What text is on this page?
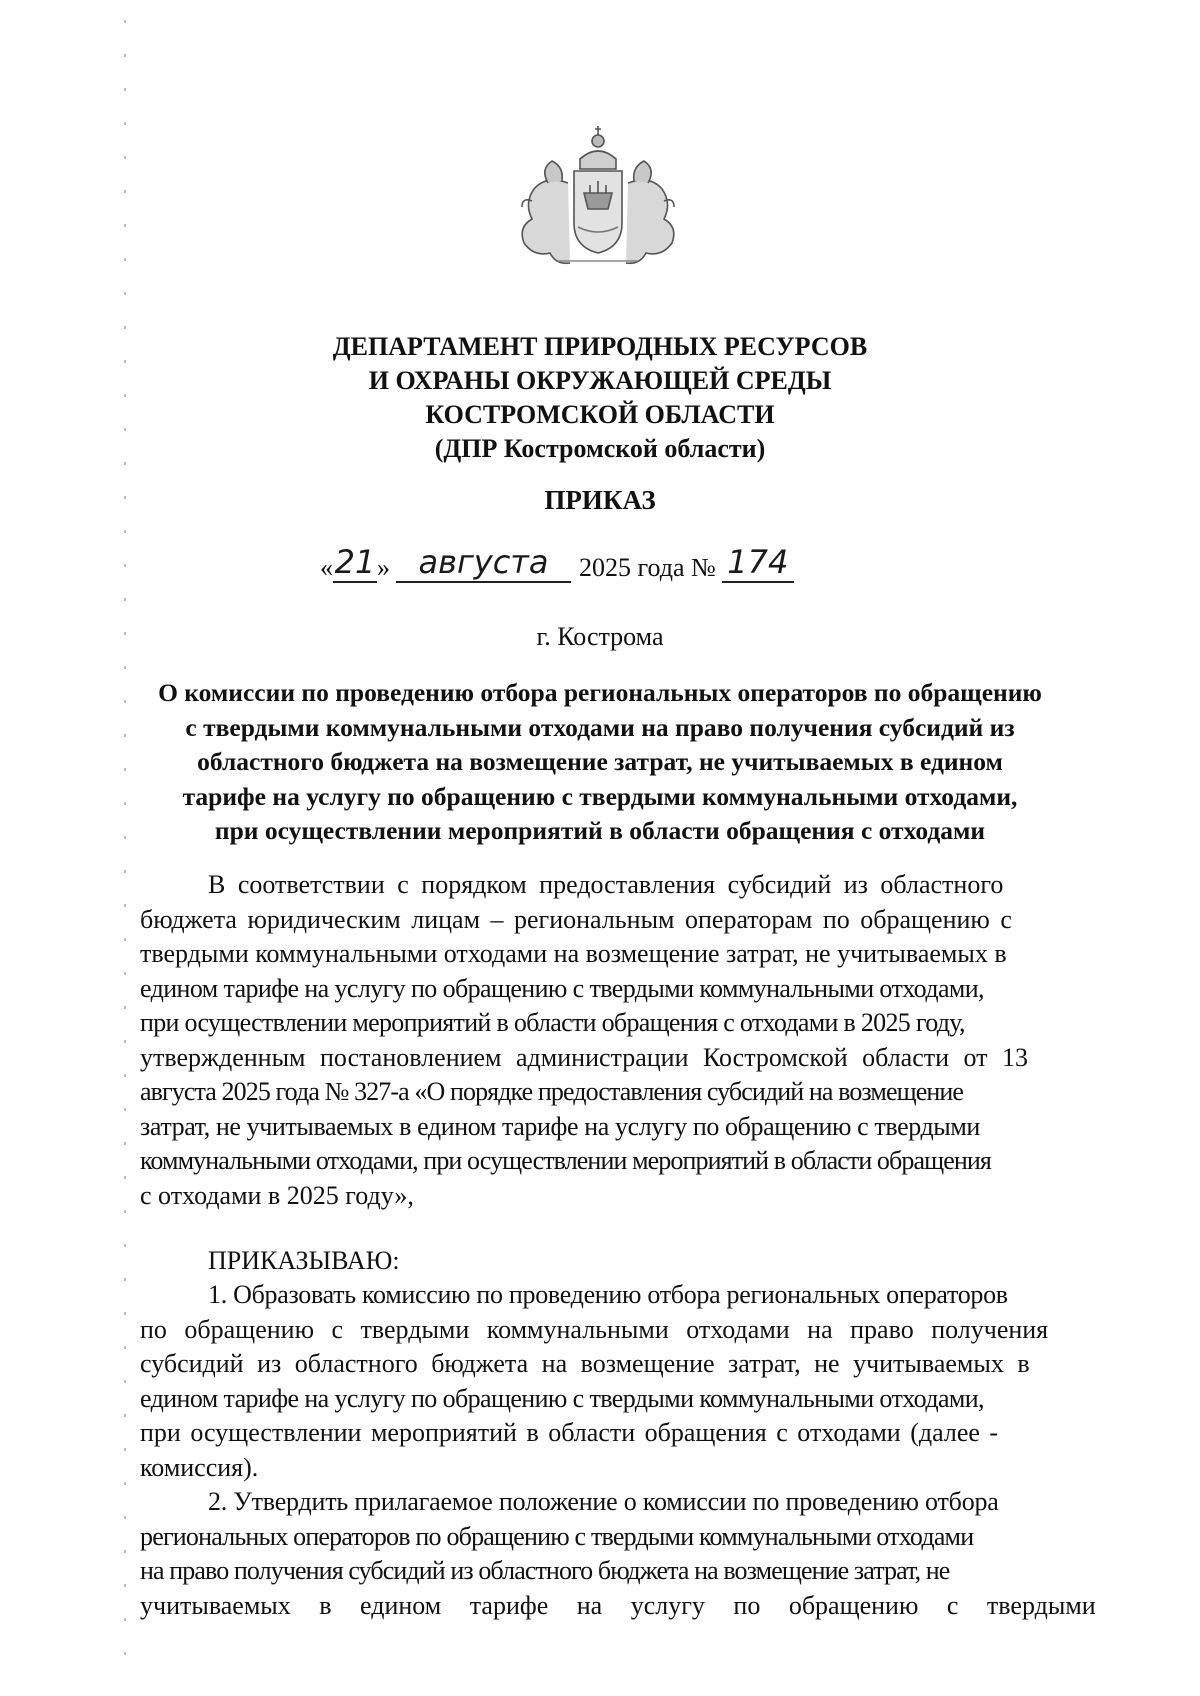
ДЕПАРТАМЕНТ ПРИРОДНЫХ РЕСУРСОВ
И ОХРАНЫ ОКРУЖАЮЩЕЙ СРЕДЫ
КОСТРОМСКОЙ ОБЛАСТИ
(ДПР Костромской области)
ПРИКАЗ
«21» августа 2025 года № 174
г. Кострома
О комиссии по проведению отбора региональных операторов по обращению
с твердыми коммунальными отходами на право получения субсидий из
областного бюджета на возмещение затрат, не учитываемых в едином
тарифе на услугу по обращению с твердыми коммунальными отходами,
при осуществлении мероприятий в области обращения с отходами
В соответствии с порядком предоставления субсидий из областного
бюджета юридическим лицам – региональным операторам по обращению с
твердыми коммунальными отходами на возмещение затрат, не учитываемых в
едином тарифе на услугу по обращению с твердыми коммунальными отходами,
при осуществлении мероприятий в области обращения с отходами в 2025 году,
утвержденным постановлением администрации Костромской области от 13
августа 2025 года № 327-а «О порядке предоставления субсидий на возмещение
затрат, не учитываемых в едином тарифе на услугу по обращению с твердыми
коммунальными отходами, при осуществлении мероприятий в области обращения
с отходами в 2025 году»,
ПРИКАЗЫВАЮ:
1. Образовать комиссию по проведению отбора региональных операторов
по обращению с твердыми коммунальными отходами на право получения
субсидий из областного бюджета на возмещение затрат, не учитываемых в
едином тарифе на услугу по обращению с твердыми коммунальными отходами,
при осуществлении мероприятий в области обращения с отходами (далее -
комиссия).
2. Утвердить прилагаемое положение о комиссии по проведению отбора
региональных операторов по обращению с твердыми коммунальными отходами
на право получения субсидий из областного бюджета на возмещение затрат, не
учитываемых в едином тарифе на услугу по обращению с твердыми
